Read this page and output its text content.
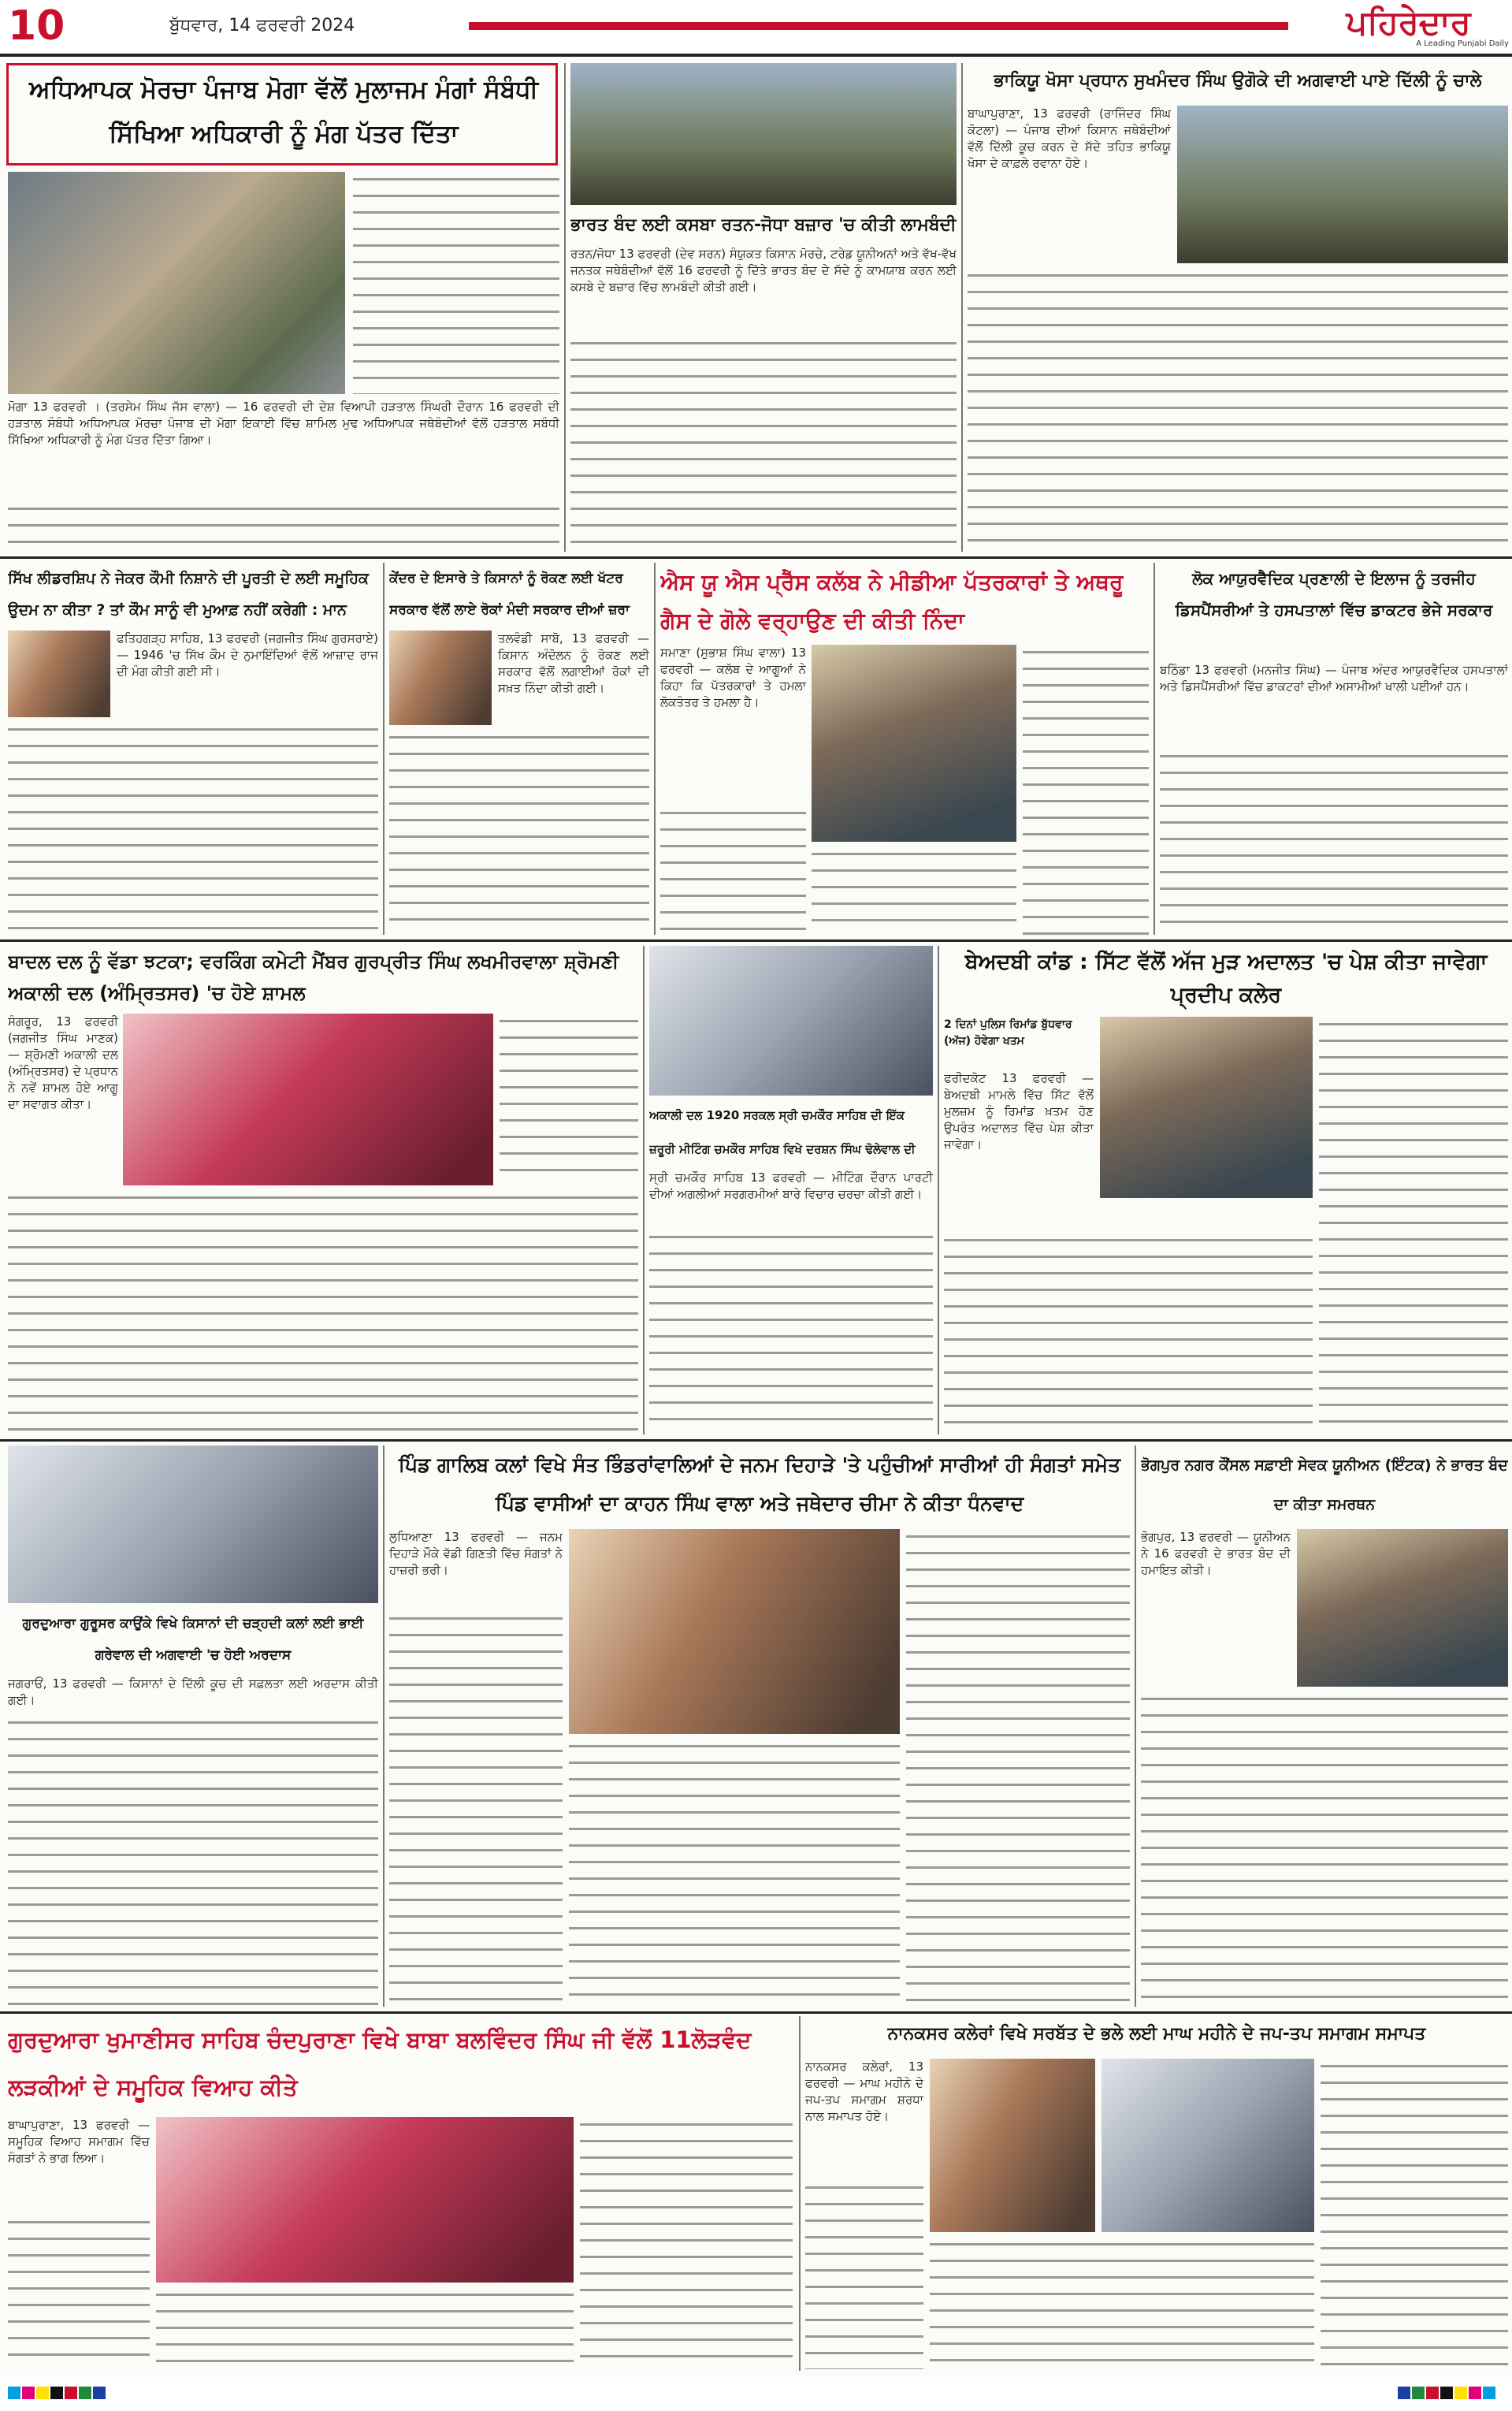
10	ਬੁੱਧਵਾਰ, 14 ਫਰਵਰੀ 2024	ਪਹਿਰੇਦਾਰ
A Leading Punjabi Daily
ਅਧਿਆਪਕ ਮੋਰਚਾ ਪੰਜਾਬ ਮੋਗਾ ਵੱਲੋਂ ਮੁਲਾਜਮ ਮੰਗਾਂ ਸੰਬੰਧੀ ਸਿੱਖਿਆ ਅਧਿਕਾਰੀ ਨੂੰ ਮੰਗ ਪੱਤਰ ਦਿੱਤਾ
ਮੋਗਾ 13 ਫਰਵਰੀ । (ਤਰਸੇਮ ਸਿੰਘ ਜੱਸ ਵਾਲਾ) — 16 ਫਰਵਰੀ ਦੀ ਦੇਸ਼ ਵਿਆਪੀ ਹੜਤਾਲ ਸਿੰਘਰੀ ਦੌਰਾਨ 16 ਫਰਵਰੀ ਦੀ ਹੜਤਾਲ ਸੰਬੰਧੀ ਅਧਿਆਪਕ ਮੋਰਚਾ ਪੰਜਾਬ ਦੀ ਮੋਗਾ ਇਕਾਈ ਵਿੱਚ ਸ਼ਾਮਿਲ ਮੁਢ ਅਧਿਆਪਕ ਜਥੇਬੰਦੀਆਂ ਵੱਲੋਂ ਹੜਤਾਲ ਸਬੰਧੀ ਸਿੱਖਿਆ ਅਧਿਕਾਰੀ ਨੂੰ ਮੰਗ ਪੱਤਰ ਦਿੱਤਾ ਗਿਆ।
ਭਾਰਤ ਬੰਦ ਲਈ ਕਸਬਾ ਰਤਨ-ਜੋਧਾ ਬਜ਼ਾਰ 'ਚ ਕੀਤੀ ਲਾਮਬੰਦੀ
ਰਤਨ/ਜੋਧਾ 13 ਫਰਵਰੀ (ਦੇਵ ਸਰਨ) ਸੰਯੁਕਤ ਕਿਸਾਨ ਮੋਰਚੇ, ਟਰੇਡ ਯੂਨੀਅਨਾਂ ਅਤੇ ਵੱਖ-ਵੱਖ ਜਨਤਕ ਜਥੇਬੰਦੀਆਂ ਵੱਲੋਂ 16 ਫਰਵਰੀ ਨੂੰ ਦਿੱਤੇ ਭਾਰਤ ਬੰਦ ਦੇ ਸੱਦੇ ਨੂੰ ਕਾਮਯਾਬ ਕਰਨ ਲਈ ਕਸਬੇ ਦੇ ਬਜ਼ਾਰ ਵਿੱਚ ਲਾਮਬੰਦੀ ਕੀਤੀ ਗਈ।
ਭਾਕਿਯੂ ਖੋਸਾ ਪ੍ਰਧਾਨ ਸੁਖਮੰਦਰ ਸਿੰਘ ਉਗੋਕੇ ਦੀ ਅਗਵਾਈ ਪਾਏ ਦਿੱਲੀ ਨੂੰ ਚਾਲੇ
ਬਾਘਾਪੁਰਾਣਾ, 13 ਫਰਵਰੀ (ਰਾਜਿੰਦਰ ਸਿੰਘ ਕੋਟਲਾ) — ਪੰਜਾਬ ਦੀਆਂ ਕਿਸਾਨ ਜਥੇਬੰਦੀਆਂ ਵੱਲੋਂ ਦਿੱਲੀ ਕੂਚ ਕਰਨ ਦੇ ਸੱਦੇ ਤਹਿਤ ਭਾਕਿਯੂ ਖੋਸਾ ਦੇ ਕਾਫ਼ਲੇ ਰਵਾਨਾ ਹੋਏ।
ਸਿੱਖ ਲੀਡਰਸ਼ਿਪ ਨੇ ਜੇਕਰ ਕੌਮੀ ਨਿਸ਼ਾਨੇ ਦੀ ਪੂਰਤੀ ਦੇ ਲਈ ਸਮੂਹਿਕ ਉਦਮ ਨਾ ਕੀਤਾ ? ਤਾਂ ਕੌਮ ਸਾਨੂੰ ਵੀ ਮੁਆਫ਼ ਨਹੀਂ ਕਰੇਗੀ : ਮਾਨ
ਫਤਿਹਗੜ੍ਹ ਸਾਹਿਬ, 13 ਫਰਵਰੀ (ਜਗਜੀਤ ਸਿੰਘ ਗੁਰਸਰਾਏ) — 1946 'ਚ ਸਿੱਖ ਕੌਮ ਦੇ ਨੁਮਾਇੰਦਿਆਂ ਵੱਲੋਂ ਆਜ਼ਾਦ ਰਾਜ ਦੀ ਮੰਗ ਕੀਤੀ ਗਈ ਸੀ।
ਕੇਂਦਰ ਦੇ ਇਸਾਰੇ ਤੇ ਕਿਸਾਨਾਂ ਨੂੰ ਰੋਕਣ ਲਈ ਖੱਟਰ ਸਰਕਾਰ ਵੱਲੋਂ ਲਾਏ ਰੋਕਾਂ ਮੰਦੀ ਸਰਕਾਰ ਦੀਆਂ ਜ਼ਰਾ
ਤਲਵੰਡੀ ਸਾਬੋ, 13 ਫਰਵਰੀ — ਕਿਸਾਨ ਅੰਦੋਲਨ ਨੂੰ ਰੋਕਣ ਲਈ ਸਰਕਾਰ ਵੱਲੋਂ ਲਗਾਈਆਂ ਰੋਕਾਂ ਦੀ ਸਖ਼ਤ ਨਿੰਦਾ ਕੀਤੀ ਗਈ।
ਐਸ ਯੂ ਐਸ ਪ੍ਰੈੱਸ ਕਲੱਬ ਨੇ ਮੀਡੀਆ ਪੱਤਰਕਾਰਾਂ ਤੇ ਅਥਰੂ ਗੈਸ ਦੇ ਗੋਲੇ ਵਰ੍ਹਾਉਣ ਦੀ ਕੀਤੀ ਨਿੰਦਾ
ਸਮਾਣਾ (ਸੁਭਾਸ਼ ਸਿੰਘ ਵਾਲਾ) 13 ਫਰਵਰੀ — ਕਲੱਬ ਦੇ ਆਗੂਆਂ ਨੇ ਕਿਹਾ ਕਿ ਪੱਤਰਕਾਰਾਂ ਤੇ ਹਮਲਾ ਲੋਕਤੰਤਰ ਤੇ ਹਮਲਾ ਹੈ।
ਲੋਕ ਆਯੁਰਵੈਦਿਕ ਪ੍ਰਣਾਲੀ ਦੇ ਇਲਾਜ ਨੂੰ ਤਰਜੀਹ ਡਿਸਪੈਂਸਰੀਆਂ ਤੇ ਹਸਪਤਾਲਾਂ ਵਿੱਚ ਡਾਕਟਰ ਭੇਜੇ ਸਰਕਾਰ
ਬਠਿੰਡਾ 13 ਫਰਵਰੀ (ਮਨਜੀਤ ਸਿੰਘ) — ਪੰਜਾਬ ਅੰਦਰ ਆਯੁਰਵੈਦਿਕ ਹਸਪਤਾਲਾਂ ਅਤੇ ਡਿਸਪੈਂਸਰੀਆਂ ਵਿੱਚ ਡਾਕਟਰਾਂ ਦੀਆਂ ਅਸਾਮੀਆਂ ਖਾਲੀ ਪਈਆਂ ਹਨ।
ਬਾਦਲ ਦਲ ਨੂੰ ਵੱਡਾ ਝਟਕਾ; ਵਰਕਿੰਗ ਕਮੇਟੀ ਮੈਂਬਰ ਗੁਰਪ੍ਰੀਤ ਸਿੰਘ ਲਖਮੀਰਵਾਲਾ ਸ਼੍ਰੋਮਣੀ ਅਕਾਲੀ ਦਲ (ਅੰਮ੍ਰਿਤਸਰ) 'ਚ ਹੋਏ ਸ਼ਾਮਲ
ਸੰਗਰੂਰ, 13 ਫਰਵਰੀ (ਜਗਜੀਤ ਸਿੰਘ ਮਾਣਕ) — ਸ਼੍ਰੋਮਣੀ ਅਕਾਲੀ ਦਲ (ਅੰਮ੍ਰਿਤਸਰ) ਦੇ ਪ੍ਰਧਾਨ ਨੇ ਨਵੇਂ ਸ਼ਾਮਲ ਹੋਏ ਆਗੂ ਦਾ ਸਵਾਗਤ ਕੀਤਾ।
ਅਕਾਲੀ ਦਲ 1920 ਸਰਕਲ ਸ੍ਰੀ ਚਮਕੌਰ ਸਾਹਿਬ ਦੀ ਇੱਕ ਜ਼ਰੂਰੀ ਮੀਟਿੰਗ ਚਮਕੌਰ ਸਾਹਿਬ ਵਿਖੇ ਦਰਸ਼ਨ ਸਿੰਘ ਢੋਲੇਵਾਲ ਦੀ
ਸ੍ਰੀ ਚਮਕੌਰ ਸਾਹਿਬ 13 ਫਰਵਰੀ — ਮੀਟਿੰਗ ਦੌਰਾਨ ਪਾਰਟੀ ਦੀਆਂ ਅਗਲੀਆਂ ਸਰਗਰਮੀਆਂ ਬਾਰੇ ਵਿਚਾਰ ਚਰਚਾ ਕੀਤੀ ਗਈ।
ਬੇਅਦਬੀ ਕਾਂਡ : ਸਿੱਟ ਵੱਲੋਂ ਅੱਜ ਮੁੜ ਅਦਾਲਤ 'ਚ ਪੇਸ਼ ਕੀਤਾ ਜਾਵੇਗਾ ਪ੍ਰਦੀਪ ਕਲੇਰ
2 ਦਿਨਾਂ ਪੁਲਿਸ ਰਿਮਾਂਡ ਬੁੱਧਵਾਰ (ਅੱਜ) ਹੋਵੇਗਾ ਖਤਮ
ਫਰੀਦਕੋਟ 13 ਫਰਵਰੀ — ਬੇਅਦਬੀ ਮਾਮਲੇ ਵਿੱਚ ਸਿੱਟ ਵੱਲੋਂ ਮੁਲਜ਼ਮ ਨੂੰ ਰਿਮਾਂਡ ਖ਼ਤਮ ਹੋਣ ਉਪਰੰਤ ਅਦਾਲਤ ਵਿੱਚ ਪੇਸ਼ ਕੀਤਾ ਜਾਵੇਗਾ।
ਗੁਰਦੁਆਰਾ ਗੁਰੂਸਰ ਕਾਉਂਕੇ ਵਿਖੇ ਕਿਸਾਨਾਂ ਦੀ ਚੜ੍ਹਦੀ ਕਲਾਂ ਲਈ ਭਾਈ ਗਰੇਵਾਲ ਦੀ ਅਗਵਾਈ 'ਚ ਹੋਈ ਅਰਦਾਸ
ਜਗਰਾਓਂ, 13 ਫਰਵਰੀ — ਕਿਸਾਨਾਂ ਦੇ ਦਿੱਲੀ ਕੂਚ ਦੀ ਸਫ਼ਲਤਾ ਲਈ ਅਰਦਾਸ ਕੀਤੀ ਗਈ।
ਪਿੰਡ ਗਾਲਿਬ ਕਲਾਂ ਵਿਖੇ ਸੰਤ ਭਿੰਡਰਾਂਵਾਲਿਆਂ ਦੇ ਜਨਮ ਦਿਹਾੜੇ 'ਤੇ ਪਹੁੰਚੀਆਂ ਸਾਰੀਆਂ ਹੀ ਸੰਗਤਾਂ ਸਮੇਤ ਪਿੰਡ ਵਾਸੀਆਂ ਦਾ ਕਾਹਨ ਸਿੰਘ ਵਾਲਾ ਅਤੇ ਜਥੇਦਾਰ ਚੀਮਾ ਨੇ ਕੀਤਾ ਧੰਨਵਾਦ
ਲੁਧਿਆਣਾ 13 ਫਰਵਰੀ — ਜਨਮ ਦਿਹਾੜੇ ਮੌਕੇ ਵੱਡੀ ਗਿਣਤੀ ਵਿੱਚ ਸੰਗਤਾਂ ਨੇ ਹਾਜ਼ਰੀ ਭਰੀ।
ਭੋਗਪੁਰ ਨਗਰ ਕੌਂਸਲ ਸਫ਼ਾਈ ਸੇਵਕ ਯੂਨੀਅਨ (ਇੰਟਕ) ਨੇ ਭਾਰਤ ਬੰਦ ਦਾ ਕੀਤਾ ਸਮਰਥਨ
ਭੋਗਪੁਰ, 13 ਫਰਵਰੀ — ਯੂਨੀਅਨ ਨੇ 16 ਫਰਵਰੀ ਦੇ ਭਾਰਤ ਬੰਦ ਦੀ ਹਮਾਇਤ ਕੀਤੀ।
ਗੁਰਦੁਆਰਾ ਖੁਮਾਣੀਸਰ ਸਾਹਿਬ ਚੰਦਪੁਰਾਣਾ ਵਿਖੇ ਬਾਬਾ ਬਲਵਿੰਦਰ ਸਿੰਘ ਜੀ ਵੱਲੋਂ 11ਲੋੜਵੰਦ ਲੜਕੀਆਂ ਦੇ ਸਮੂਹਿਕ ਵਿਆਹ ਕੀਤੇ
ਬਾਘਾਪੁਰਾਣਾ, 13 ਫਰਵਰੀ — ਸਮੂਹਿਕ ਵਿਆਹ ਸਮਾਗਮ ਵਿੱਚ ਸੰਗਤਾਂ ਨੇ ਭਾਗ ਲਿਆ।
ਨਾਨਕਸਰ ਕਲੇਰਾਂ ਵਿਖੇ ਸਰਬੱਤ ਦੇ ਭਲੇ ਲਈ ਮਾਘ ਮਹੀਨੇ ਦੇ ਜਪ-ਤਪ ਸਮਾਗਮ ਸਮਾਪਤ
ਨਾਨਕਸਰ ਕਲੇਰਾਂ, 13 ਫਰਵਰੀ — ਮਾਘ ਮਹੀਨੇ ਦੇ ਜਪ-ਤਪ ਸਮਾਗਮ ਸ਼ਰਧਾ ਨਾਲ ਸਮਾਪਤ ਹੋਏ।
